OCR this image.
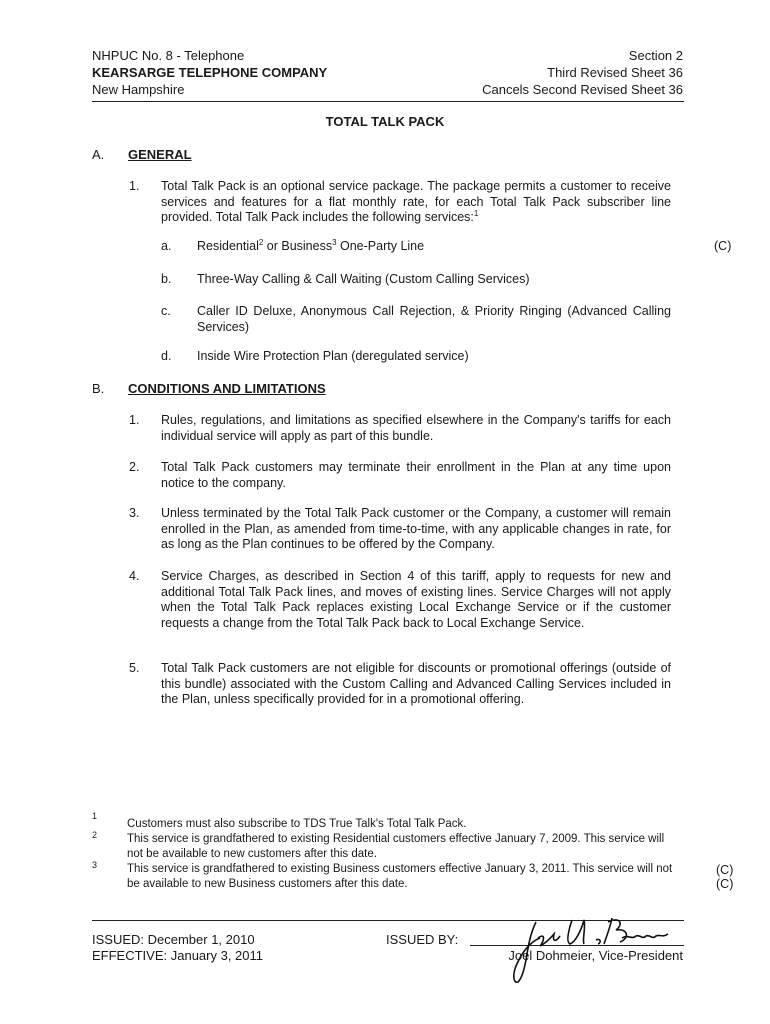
NHPUC No. 8 - Telephone
KEARSARGE TELEPHONE COMPANY
New Hampshire
Section 2
Third Revised Sheet 36
Cancels Second Revised Sheet 36
TOTAL TALK PACK
A. GENERAL
1. Total Talk Pack is an optional service package. The package permits a customer to receive services and features for a flat monthly rate, for each Total Talk Pack subscriber line provided. Total Talk Pack includes the following services:$^1$
a. Residential$^2$ or Business$^3$ One-Party Line	(C)
b. Three-Way Calling & Call Waiting (Custom Calling Services)
c. Caller ID Deluxe, Anonymous Call Rejection, & Priority Ringing (Advanced Calling Services)
d. Inside Wire Protection Plan (deregulated service)
B. CONDITIONS AND LIMITATIONS
1. Rules, regulations, and limitations as specified elsewhere in the Company's tariffs for each individual service will apply as part of this bundle.
2. Total Talk Pack customers may terminate their enrollment in the Plan at any time upon notice to the company.
3. Unless terminated by the Total Talk Pack customer or the Company, a customer will remain enrolled in the Plan, as amended from time-to-time, with any applicable changes in rate, for as long as the Plan continues to be offered by the Company.
4. Service Charges, as described in Section 4 of this tariff, apply to requests for new and additional Total Talk Pack lines, and moves of existing lines. Service Charges will not apply when the Total Talk Pack replaces existing Local Exchange Service or if the customer requests a change from the Total Talk Pack back to Local Exchange Service.
5. Total Talk Pack customers are not eligible for discounts or promotional offerings (outside of this bundle) associated with the Custom Calling and Advanced Calling Services included in the Plan, unless specifically provided for in a promotional offering.
1
Customers must also subscribe to TDS True Talk's Total Talk Pack.
2	This service is grandfathered to existing Residential customers effective January 7, 2009. This service will not be available to new customers after this date.
3	This service is grandfathered to existing Business customers effective January 3, 2011. This service will not be available to new Business customers after this date.
(C)
(C)
ISSUED: December 1, 2010
EFFECTIVE: January 3, 2011
ISSUED BY:
Joel Dohmeier, Vice-President
